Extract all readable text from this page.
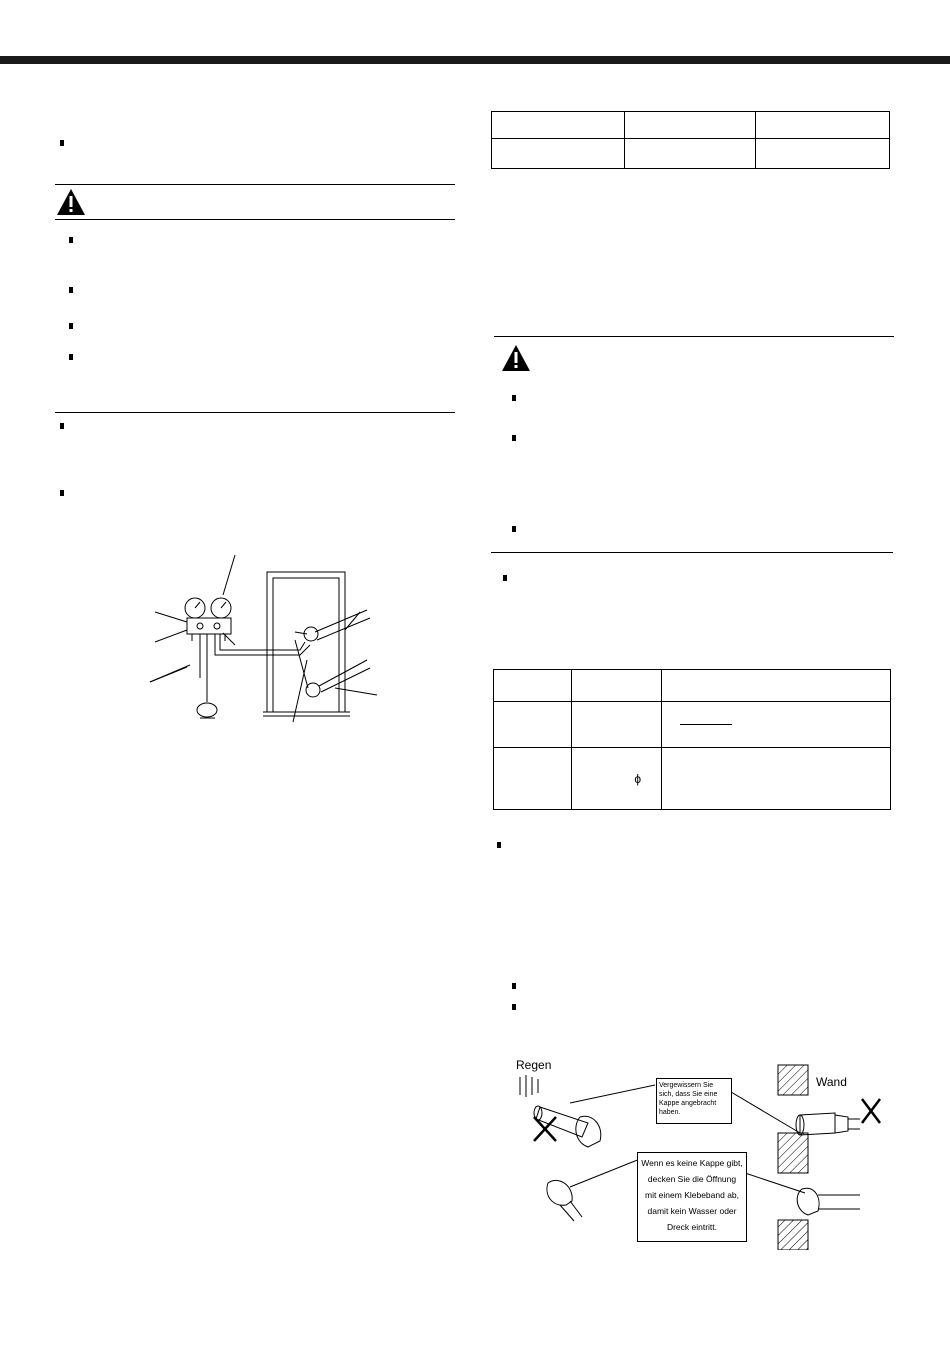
	ϕ	
Regen
Wand
Vergewissern Sie sich, dass Sie eine Kappe angebracht haben.
Wenn es keine Kappe gibt,
decken Sie die Öffnung
mit einem Klebeband ab,
damit kein Wasser oder
Dreck eintritt.
